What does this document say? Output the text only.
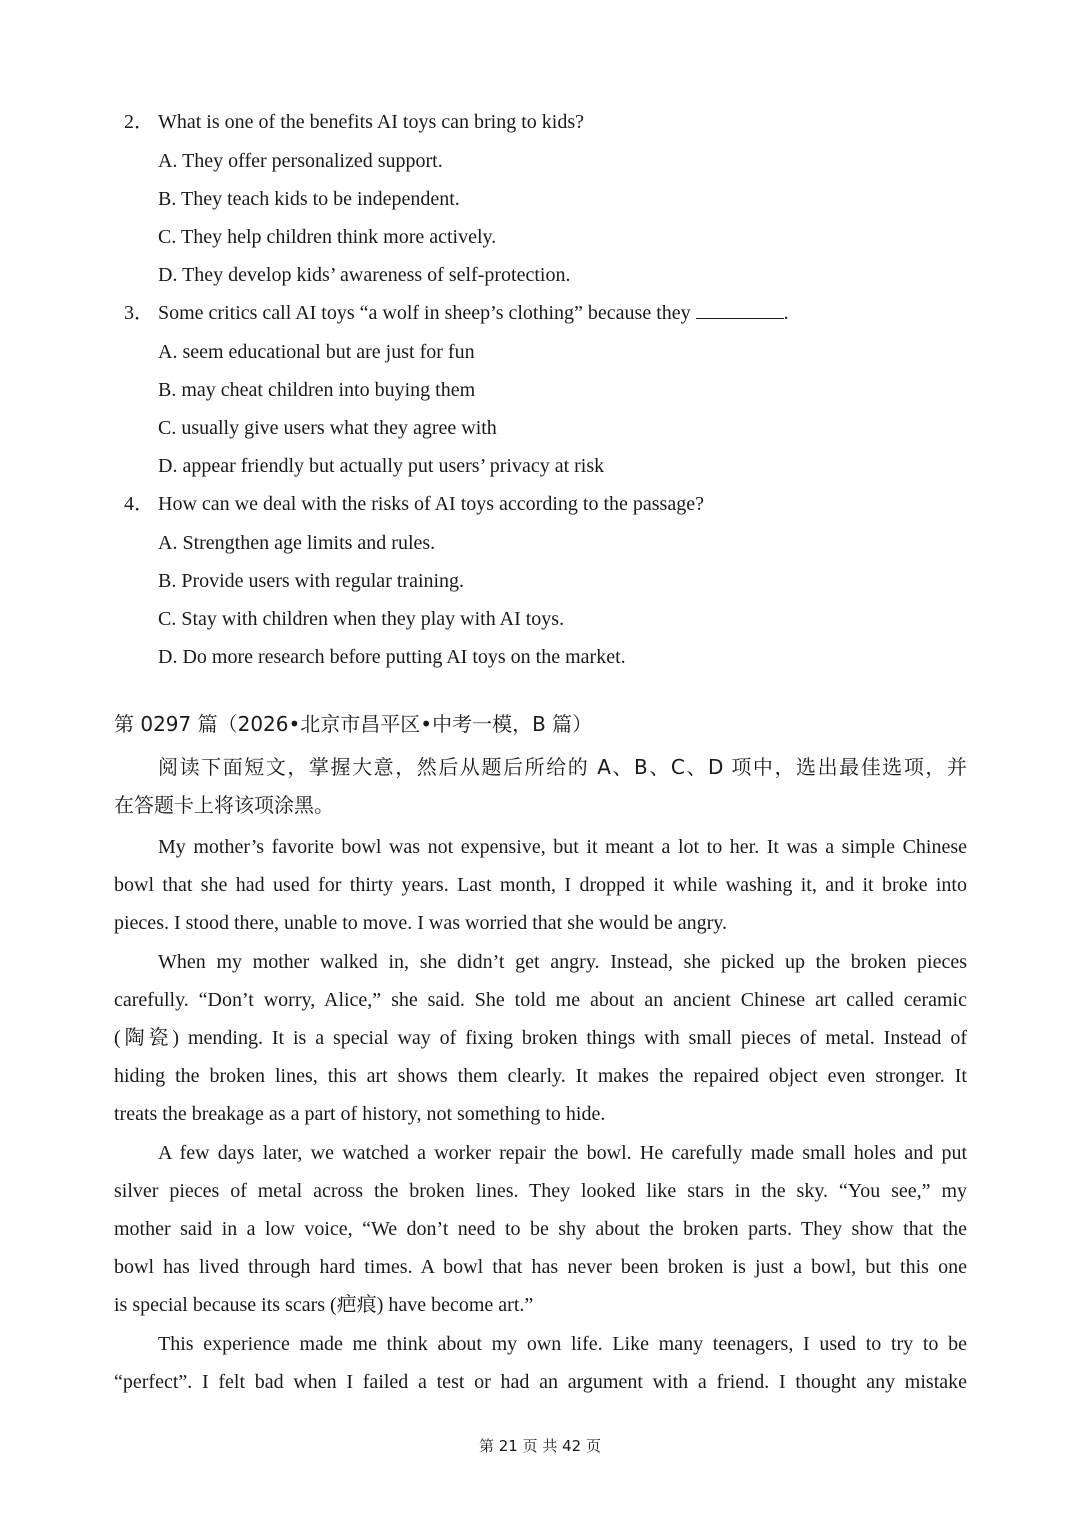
2． What is one of the benefits AI toys can bring to kids?
A. They offer personalized support.
B. They teach kids to be independent.
C. They help children think more actively.
D. They develop kids’ awareness of self-protection.
3． Some critics call AI toys “a wolf in sheep’s clothing” because they	.
A. seem educational but are just for fun
B. may cheat children into buying them
C. usually give users what they agree with
D. appear friendly but actually put users’ privacy at risk
4． How can we deal with the risks of AI toys according to the passage?
A. Strengthen age limits and rules.
B. Provide users with regular training.
C. Stay with children when they play with AI toys.
D. Do more research before putting AI toys on the market.
第 0297 篇（2026•北京市昌平区•中考一模，B 篇）
阅读下面短文，掌握大意，然后从题后所给的 A、B、C、D 项中，选出最佳选项，并
在答题卡上将该项涂黑。
My mother’s favorite bowl was not expensive, but it meant a lot to her. It was a simple Chinese
bowl that she had used for thirty years. Last month, I dropped it while washing it, and it broke into
pieces. I stood there, unable to move. I was worried that she would be angry.
When my mother walked in, she didn’t get angry. Instead, she picked up the broken pieces
carefully. “Don’t worry, Alice,” she said. She told me about an ancient Chinese art called ceramic
(陶瓷) mending. It is a special way of fixing broken things with small pieces of metal. Instead of
hiding the broken lines, this art shows them clearly. It makes the repaired object even stronger. It
treats the breakage as a part of history, not something to hide.
A few days later, we watched a worker repair the bowl. He carefully made small holes and put
silver pieces of metal across the broken lines. They looked like stars in the sky. “You see,” my
mother said in a low voice, “We don’t need to be shy about the broken parts. They show that the
bowl has lived through hard times. A bowl that has never been broken is just a bowl, but this one
is special because its scars (疤痕) have become art.”
This experience made me think about my own life. Like many teenagers, I used to try to be
“perfect”. I felt bad when I failed a test or had an argument with a friend. I thought any mistake
第 21 页 共 42 页
